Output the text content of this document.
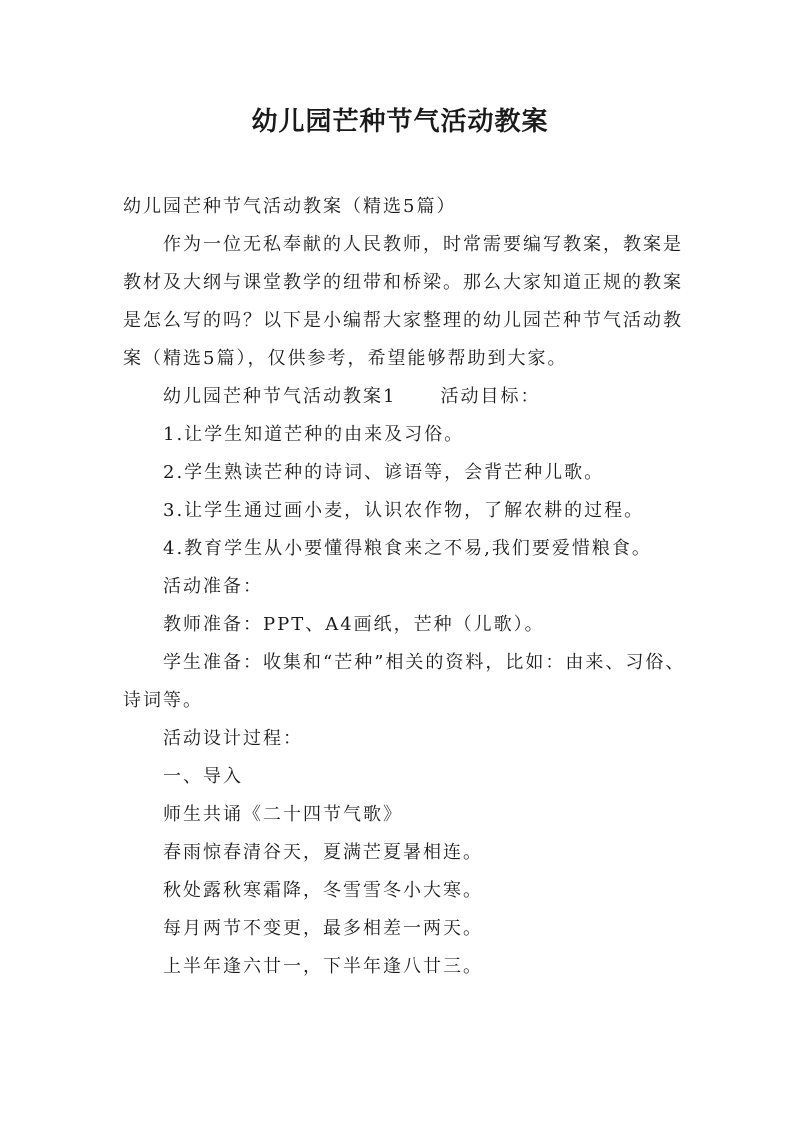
幼儿园芒种节气活动教案
幼儿园芒种节气活动教案（精选5篇）
作为一位无私奉献的人民教师，时常需要编写教案，教案是教材及大纲与课堂教学的纽带和桥梁。那么大家知道正规的教案是怎么写的吗？以下是小编帮大家整理的幼儿园芒种节气活动教案（精选5篇），仅供参考，希望能够帮助到大家。
幼儿园芒种节气活动教案1 活动目标：
1.让学生知道芒种的由来及习俗。
2.学生熟读芒种的诗词、谚语等，会背芒种儿歌。
3.让学生通过画小麦，认识农作物，了解农耕的过程。
4.教育学生从小要懂得粮食来之不易,我们要爱惜粮食。
活动准备：
教师准备：PPT、A4画纸，芒种（儿歌）。
学生准备：收集和“芒种”相关的资料，比如：由来、习俗、诗词等。
活动设计过程：
一、导入
师生共诵《二十四节气歌》
春雨惊春清谷天，夏满芒夏暑相连。
秋处露秋寒霜降，冬雪雪冬小大寒。
每月两节不变更，最多相差一两天。
上半年逢六廿一，下半年逢八廿三。
